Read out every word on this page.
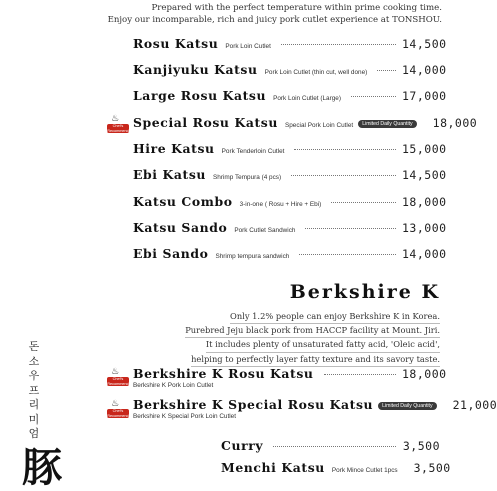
Prepared with the perfect temperature within prime cooking time.
Enjoy our incomparable, rich and juicy pork cutlet experience at TONSHOU.
Rosu Katsu Pork Loin Cutlet	14,500
Kanjiyuku Katsu Pork Loin Cutlet (thin cut, well done)	14,000
Large Rosu Katsu Pork Loin Cutlet (Large)	17,000
♨
Chef's Recommend
Special Rosu Katsu Special Pork Loin Cutlet	Limited Daily Quantity	18,000
Hire Katsu Pork Tenderloin Cutlet	15,000
Ebi Katsu Shrimp Tempura (4 pcs)	14,500
Katsu Combo 3-in-one ( Rosu + Hire + Ebi)	18,000
Katsu Sando Pork Cutlet Sandwich	13,000
Ebi Sando Shrimp tempura sandwich	14,000
Berkshire K
Only 1.2% people can enjoy Berkshire K in Korea.
Purebred Jeju black pork from HACCP facility at Mount. Jiri.
It includes plenty of unsaturated fatty acid, 'Oleic acid',
helping to perfectly layer fatty texture and its savory taste.
돈소우프리미엄
♨
Chef's Recommend
Berkshire K Rosu Katsu	18,000
Berkshire K Pork Loin Cutlet
♨
Chef's Recommend
Berkshire K Special Rosu Katsu	Limited Daily Quantity	21,000
Berkshire K Special Pork Loin Cutlet
豚	Curry	3,500
Menchi Katsu Pork Mince Cutlet 1pcs 3,500
